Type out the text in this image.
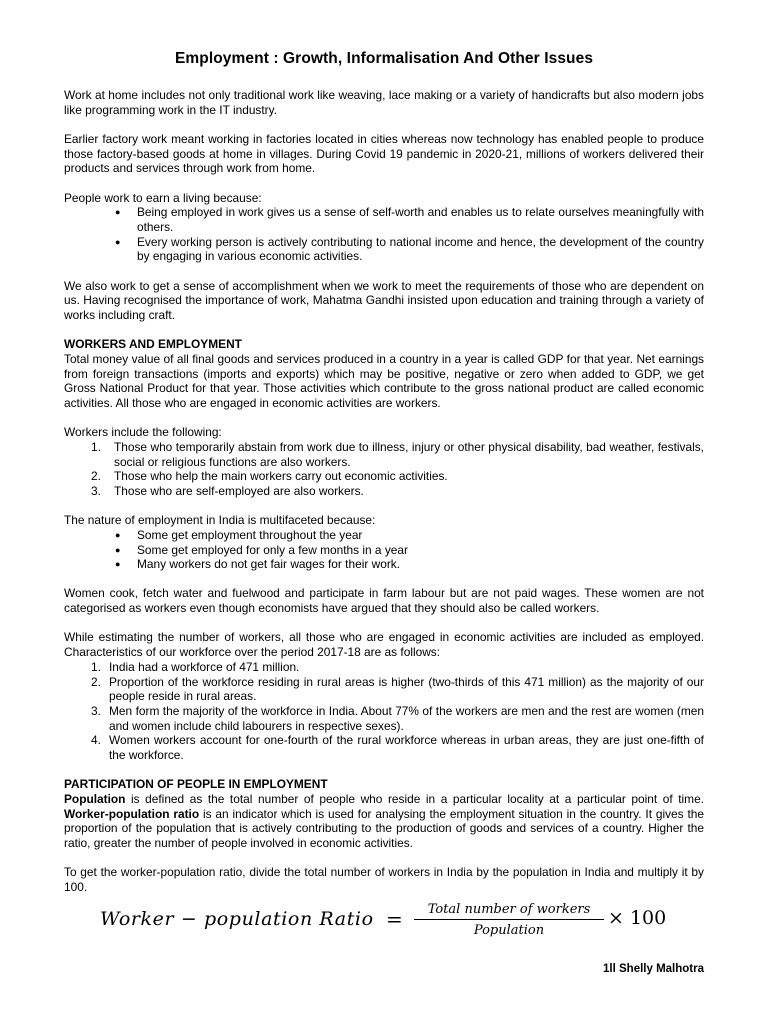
Employment : Growth, Informalisation And Other Issues

Work at home includes not only traditional work like weaving, lace making or a variety of handicrafts but also modern jobs like programming work in the IT industry.

Earlier factory work meant working in factories located in cities whereas now technology has enabled people to produce those factory-based goods at home in villages. During Covid 19 pandemic in 2020-21, millions of workers delivered their products and services through work from home.

People work to earn a living because:

● Being employed in work gives us a sense of self-worth and enables us to relate ourselves meaningfully with others.
● Every working person is actively contributing to national income and hence, the development of the country by engaging in various economic activities.

We also work to get a sense of accomplishment when we work to meet the requirements of those who are dependent on us. Having recognised the importance of work, Mahatma Gandhi insisted upon education and training through a variety of works including craft.

WORKERS AND EMPLOYMENT

Total money value of all final goods and services produced in a country in a year is called GDP for that year. Net earnings from foreign transactions (imports and exports) which may be positive, negative or zero when added to GDP, we get Gross National Product for that year. Those activities which contribute to the gross national product are called economic activities. All those who are engaged in economic activities are workers.

Workers include the following:

1. Those who temporarily abstain from work due to illness, injury or other physical disability, bad weather, festivals, social or religious functions are also workers.
2. Those who help the main workers carry out economic activities.
3. Those who are self-employed are also workers.

The nature of employment in India is multifaceted because:

● Some get employment throughout the year
● Some get employed for only a few months in a year
● Many workers do not get fair wages for their work.

Women cook, fetch water and fuelwood and participate in farm labour but are not paid wages. These women are not categorised as workers even though economists have argued that they should also be called workers.

While estimating the number of workers, all those who are engaged in economic activities are included as employed. Characteristics of our workforce over the period 2017-18 are as follows:

1. India had a workforce of 471 million.
2. Proportion of the workforce residing in rural areas is higher (two-thirds of this 471 million) as the majority of our people reside in rural areas.
3. Men form the majority of the workforce in India. About 77% of the workers are men and the rest are women (men and women include child labourers in respective sexes).
4. Women workers account for one-fourth of the rural workforce whereas in urban areas, they are just one-fifth of the workforce.
PARTICIPATION OF PEOPLE IN EMPLOYMENT

Population is defined as the total number of people who reside in a particular locality at a particular point of time. Worker-population ratio is an indicator which is used for analysing the employment situation in the country. It gives the proportion of the population that is actively contributing to the production of goods and services of a country. Higher the ratio, greater the number of people involved in economic activities.

To get the worker-population ratio, divide the total number of workers in India by the population in India and multiply it by 100.

Worker − population Ratio =	Total number of workers
Population
× 100
1ll Shelly Malhotra
